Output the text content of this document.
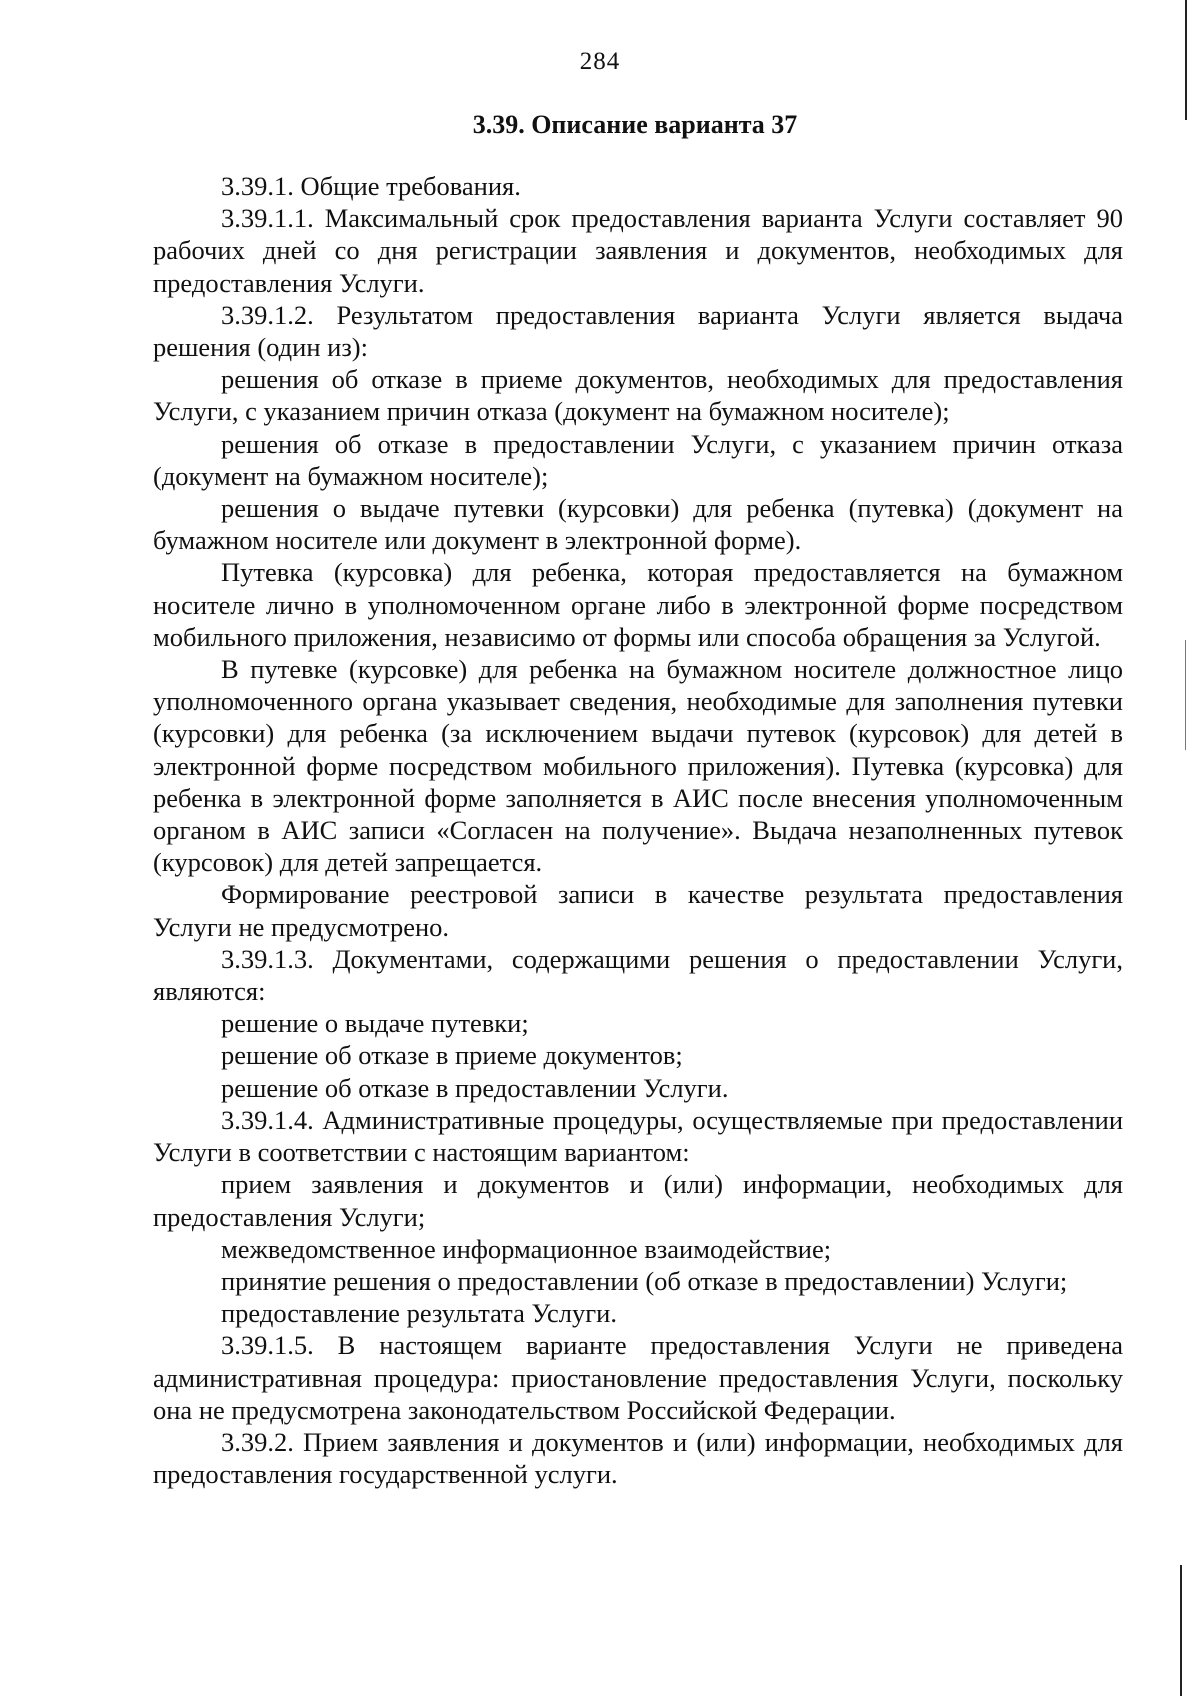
284
3.39. Описание варианта 37

3.39.1. Общие требования.

3.39.1.1. Максимальный срок предоставления варианта Услуги составляет 90 рабочих дней со дня регистрации заявления и документов, необходимых для предоставления Услуги.

3.39.1.2. Результатом предоставления варианта Услуги является выдача решения (один из):

решения об отказе в приеме документов, необходимых для предоставления Услуги, с указанием причин отказа (документ на бумажном носителе);

решения об отказе в предоставлении Услуги, с указанием причин отказа (документ на бумажном носителе);

решения о выдаче путевки (курсовки) для ребенка (путевка) (документ на бумажном носителе или документ в электронной форме).

Путевка (курсовка) для ребенка, которая предоставляется на бумажном носителе лично в уполномоченном органе либо в электронной форме посредством мобильного приложения, независимо от формы или способа обращения за Услугой.

В путевке (курсовке) для ребенка на бумажном носителе должностное лицо уполномоченного органа указывает сведения, необходимые для заполнения путевки (курсовки) для ребенка (за исключением выдачи путевок (курсовок) для детей в электронной форме посредством мобильного приложения). Путевка (курсовка) для ребенка в электронной форме заполняется в АИС после внесения уполномоченным органом в АИС записи «Согласен на получение». Выдача незаполненных путевок (курсовок) для детей запрещается.

Формирование реестровой записи в качестве результата предоставления Услуги не предусмотрено.

3.39.1.3. Документами, содержащими решения о предоставлении Услуги, являются:

решение о выдаче путевки;

решение об отказе в приеме документов;

решение об отказе в предоставлении Услуги.

3.39.1.4. Административные процедуры, осуществляемые при предоставлении Услуги в соответствии с настоящим вариантом:

прием заявления и документов и (или) информации, необходимых для предоставления Услуги;

межведомственное информационное взаимодействие;

принятие решения о предоставлении (об отказе в предоставлении) Услуги;

предоставление результата Услуги.

3.39.1.5. В настоящем варианте предоставления Услуги не приведена административная процедура: приостановление предоставления Услуги, поскольку она не предусмотрена законодательством Российской Федерации.

3.39.2. Прием заявления и документов и (или) информации, необходимых для предоставления государственной услуги.
